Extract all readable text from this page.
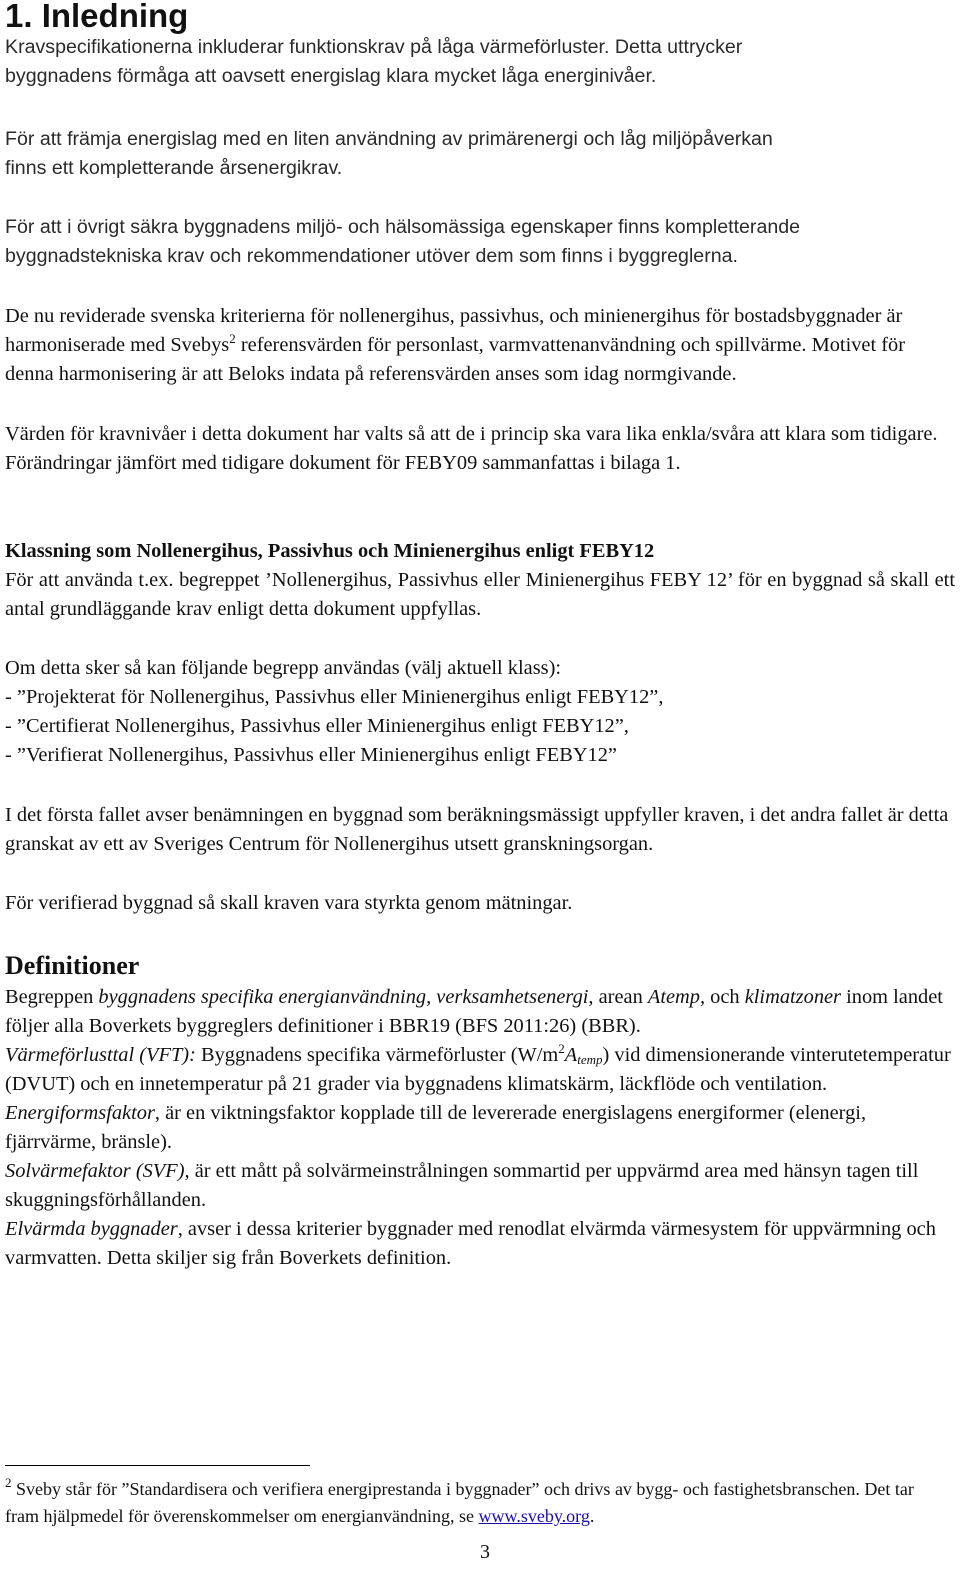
1. Inledning

Kravspecifikationerna inkluderar funktionskrav på låga värmeförluster. Detta uttrycker
byggnadens förmåga att oavsett energislag klara mycket låga energinivåer.

För att främja energislag med en liten användning av primärenergi och låg miljöpåverkan
finns ett kompletterande årsenergikrav.

För att i övrigt säkra byggnadens miljö- och hälsomässiga egenskaper finns kompletterande
byggnadstekniska krav och rekommendationer utöver dem som finns i byggreglerna.

De nu reviderade svenska kriterierna för nollenergihus, passivhus, och minienergihus för bostadsbyggnader är harmoniserade med Svebys$^2$ referensvärden för personlast, varmvattenanvändning och spillvärme. Motivet för denna harmonisering är att Beloks indata på referensvärden anses som idag normgivande.

Värden för kravnivåer i detta dokument har valts så att de i princip ska vara lika enkla/svåra att klara som tidigare. Förändringar jämfört med tidigare dokument för FEBY09 sammanfattas i bilaga 1.

Klassning som Nollenergihus, Passivhus och Minienergihus enligt FEBY12

För att använda t.ex. begreppet ’Nollenergihus, Passivhus eller Minienergihus FEBY 12’ för en byggnad så skall ett antal grundläggande krav enligt detta dokument uppfyllas.

Om detta sker så kan följande begrepp användas (välj aktuell klass):
- ”Projekterat för Nollenergihus, Passivhus eller Minienergihus enligt FEBY12”,
- ”Certifierat Nollenergihus, Passivhus eller Minienergihus enligt FEBY12”,
- ”Verifierat Nollenergihus, Passivhus eller Minienergihus enligt FEBY12”

I det första fallet avser benämningen en byggnad som beräkningsmässigt uppfyller kraven, i det andra fallet är detta granskat av ett av Sveriges Centrum för Nollenergihus utsett granskningsorgan.

För verifierad byggnad så skall kraven vara styrkta genom mätningar.

Definitioner
Begreppen byggnadens specifika energianvändning, verksamhetsenergi, arean Atemp, och klimatzoner inom landet följer alla Boverkets byggreglers definitioner i BBR19 (BFS 2011:26) (BBR).
Värmeförlusttal (VFT): Byggnadens specifika värmeförluster $(W/m^2A_{temp})$ vid dimensionerande vinterutetemperatur (DVUT) och en innetemperatur på 21 grader via byggnadens klimatskärm, läckflöde och ventilation.
Energiformsfaktor, är en viktningsfaktor kopplade till de levererade energislagens energiformer (elenergi, fjärrvärme, bränsle).
Solvärmefaktor (SVF), är ett mått på solvärmeinstrålningen sommartid per uppvärmd area med hänsyn tagen till skuggningsförhållanden.
Elvärmda byggnader, avser i dessa kriterier byggnader med renodlat elvärmda värmesystem för uppvärmning och varmvatten. Detta skiljer sig från Boverkets definition.
$^2$ Sveby står för ”Standardisera och verifiera energiprestanda i byggnader” och drivs av bygg- och fastighetsbranschen. Det tar fram hjälpmedel för överenskommelser om energianvändning, se www.sveby.org.
3
